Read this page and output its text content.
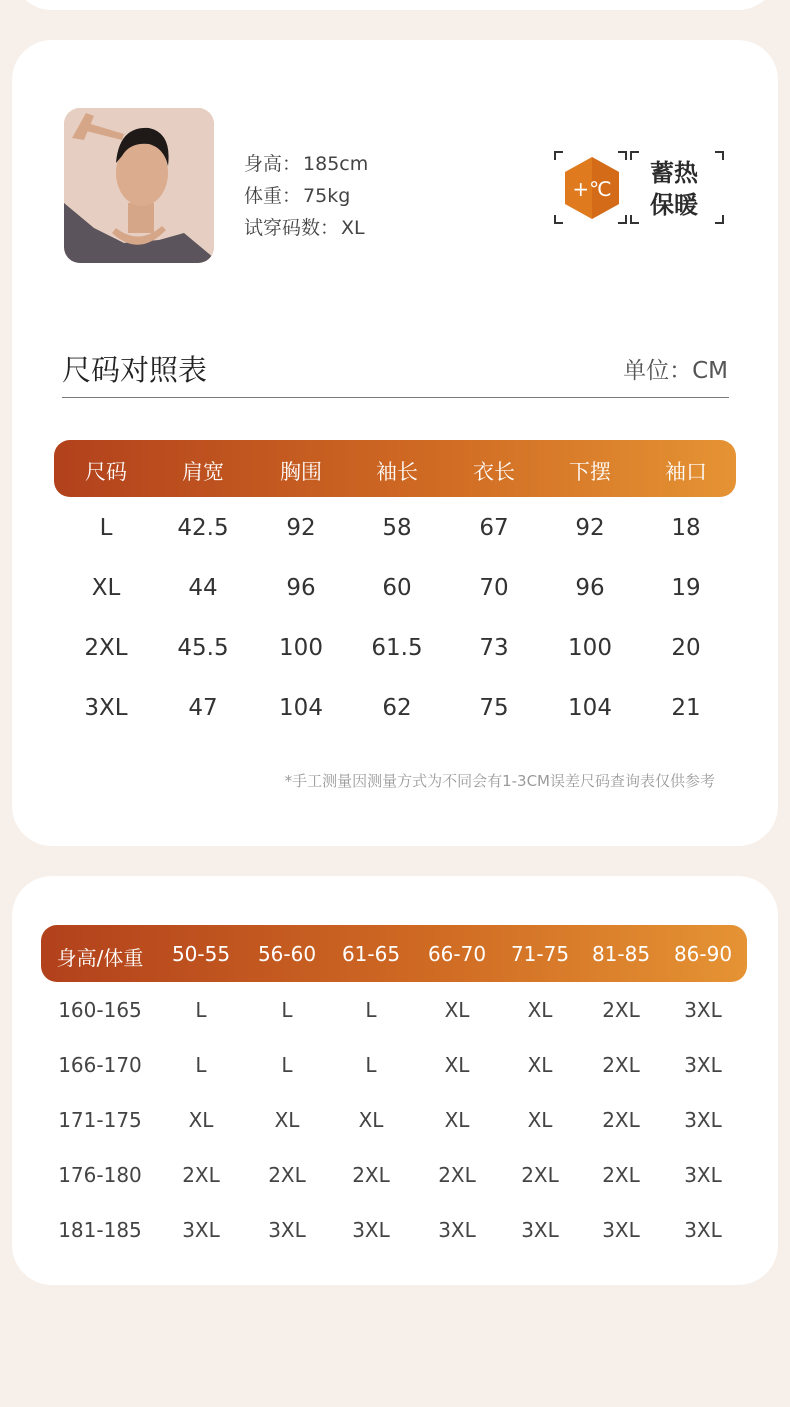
身高： 185cm
体重： 75kg
试穿码数： XL
+℃
蓄热
保暖
尺码对照表	单位：CM
尺码	肩宽	胸围	袖长	衣长	下摆	袖口
L	42.5	92	58	67	92	18
XL	44	96	60	70	96	19
2XL 45.5 100 61.5 73	100	20
3XL	47	104	62	75	104	21
*手工测量因测量方式为不同会有1-3CM误差尺码查询表仅供参考
身高/体重 50-55 56-60 61-65 66-70 71-75 81-85 86-90
160-165	L	L	L	XL	XL 2XL 3XL
166-170	L	L	L	XL	XL 2XL 3XL
171-175 XL	XL	XL	XL	XL 2XL 3XL
176-180 2XL 2XL 2XL 2XL 2XL 2XL 3XL
181-185 3XL 3XL 3XL 3XL 3XL 3XL 3XL
